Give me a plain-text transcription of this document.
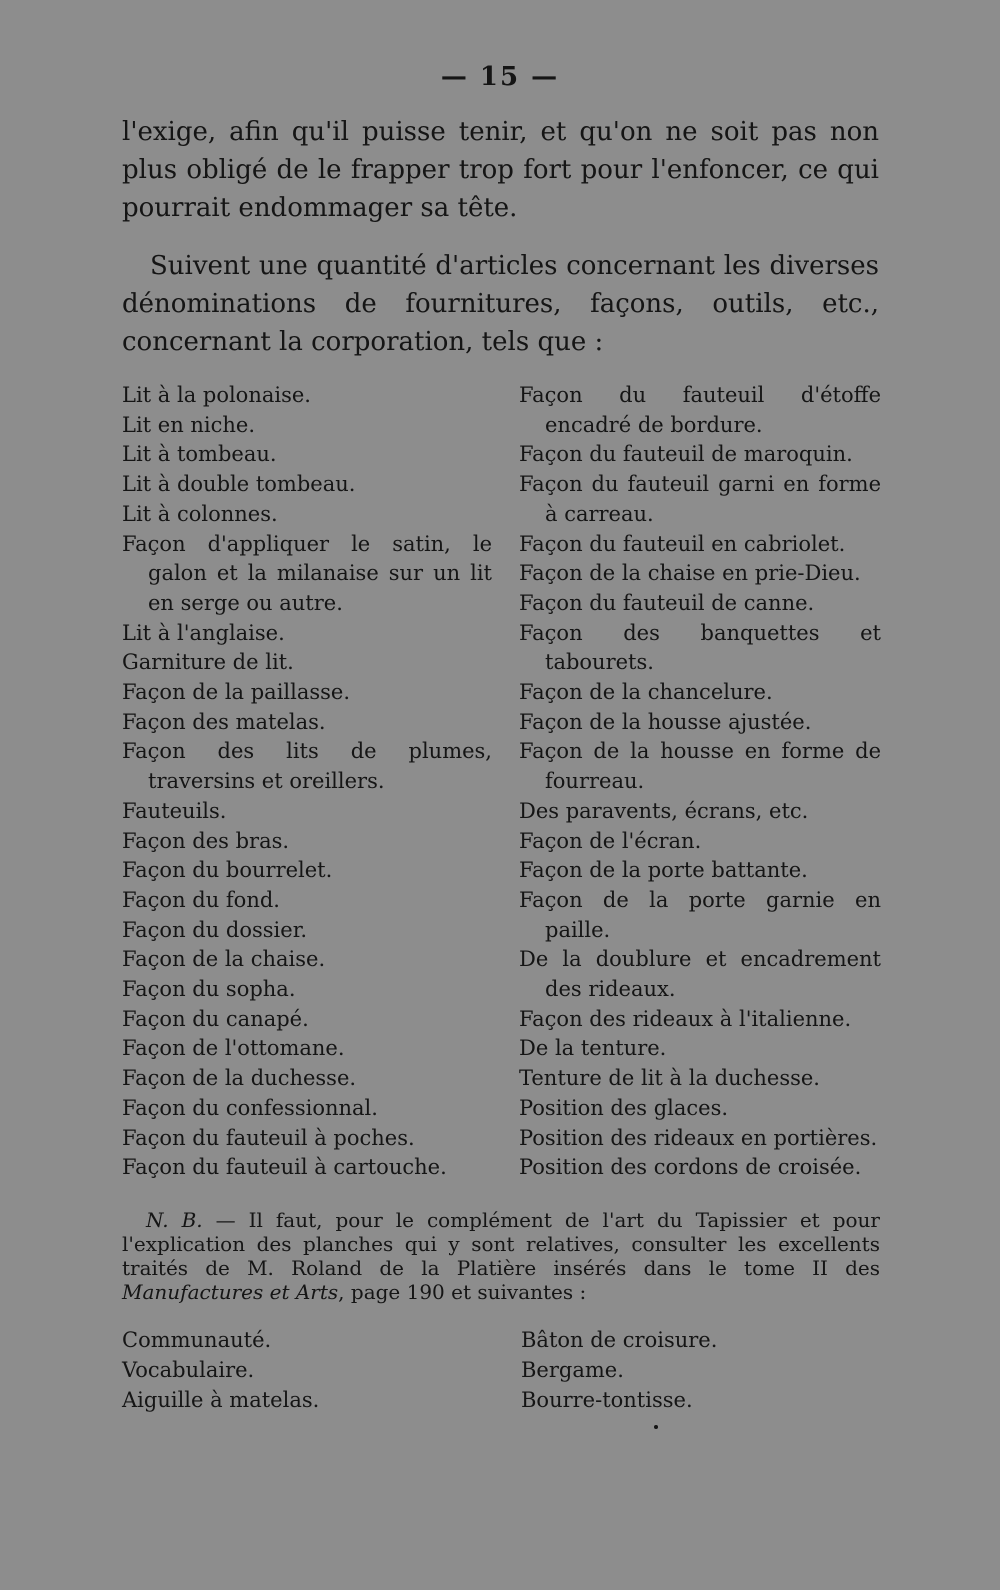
— 15 —

l'exige, afin qu'il puisse tenir, et qu'on ne soit pas non plus obligé de le frapper trop fort pour l'enfoncer, ce qui pourrait endommager sa tête.

Suivent une quantité d'articles concernant les diverses dénominations de fournitures, façons, outils, etc., concernant la corporation, tels que :

Lit à la polonaise.
Lit en niche.
Lit à tombeau.
Lit à double tombeau.
Lit à colonnes.
Façon d'appliquer le satin, le galon et la milanaise sur un lit en serge ou autre.
Lit à l'anglaise.
Garniture de lit.
Façon de la paillasse.
Façon des matelas.
Façon des lits de plumes, traversins et oreillers.
Fauteuils.
Façon des bras.
Façon du bourrelet.
Façon du fond.
Façon du dossier.
Façon de la chaise.
Façon du sopha.
Façon du canapé.
Façon de l'ottomane.
Façon de la duchesse.
Façon du confessionnal.
Façon du fauteuil à poches.
Façon du fauteuil à cartouche.
Façon du fauteuil d'étoffe encadré de bordure.
Façon du fauteuil de maroquin.
Façon du fauteuil garni en forme à carreau.
Façon du fauteuil en cabriolet.
Façon de la chaise en prie-Dieu.
Façon du fauteuil de canne.
Façon des banquettes et tabourets.
Façon de la chancelure.
Façon de la housse ajustée.
Façon de la housse en forme de fourreau.
Des paravents, écrans, etc.
Façon de l'écran.
Façon de la porte battante.
Façon de la porte garnie en paille.
De la doublure et encadrement des rideaux.
Façon des rideaux à l'italienne.
De la tenture.
Tenture de lit à la duchesse.
Position des glaces.
Position des rideaux en portières.
Position des cordons de croisée.

N. B. — Il faut, pour le complément de l'art du Tapissier et pour l'explication des planches qui y sont relatives, consulter les excellents traités de M. Roland de la Platière insérés dans le tome II des Manufactures et Arts, page 190 et suivantes :

Communauté.
Vocabulaire.
Aiguille à matelas.
Bâton de croisure.
Bergame.
Bourre-tontisse.
